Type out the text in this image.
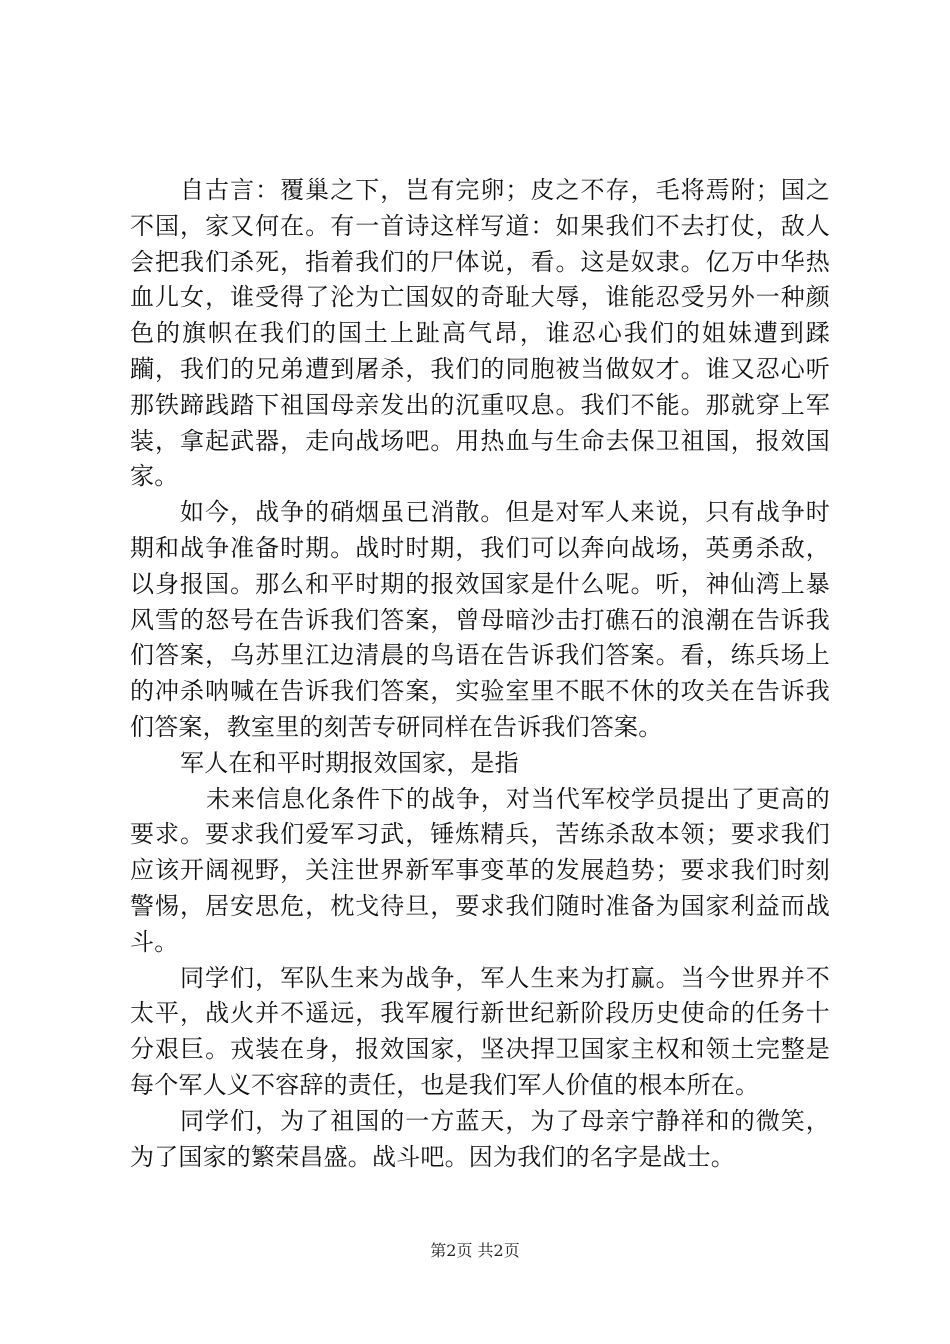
自古言：覆巢之下，岂有完卵；皮之不存，毛将焉附；国之不国，家又何在。有一首诗这样写道：如果我们不去打仗，敌人会把我们杀死，指着我们的尸体说，看。这是奴隶。亿万中华热血儿女，谁受得了沦为亡国奴的奇耻大辱，谁能忍受另外一种颜色的旗帜在我们的国土上趾高气昂，谁忍心我们的姐妹遭到蹂躏，我们的兄弟遭到屠杀，我们的同胞被当做奴才。谁又忍心听那铁蹄践踏下祖国母亲发出的沉重叹息。我们不能。那就穿上军装，拿起武器，走向战场吧。用热血与生命去保卫祖国，报效国家。

如今，战争的硝烟虽已消散。但是对军人来说，只有战争时期和战争准备时期。战时时期，我们可以奔向战场，英勇杀敌，以身报国。那么和平时期的报效国家是什么呢。听，神仙湾上暴风雪的怒号在告诉我们答案，曾母暗沙击打礁石的浪潮在告诉我们答案，乌苏里江边清晨的鸟语在告诉我们答案。看，练兵场上的冲杀呐喊在告诉我们答案，实验室里不眠不休的攻关在告诉我们答案，教室里的刻苦专研同样在告诉我们答案。

军人在和平时期报效国家，是指

未来信息化条件下的战争，对当代军校学员提出了更高的要求。要求我们爱军习武，锤炼精兵，苦练杀敌本领；要求我们应该开阔视野，关注世界新军事变革的发展趋势；要求我们时刻警惕，居安思危，枕戈待旦，要求我们随时准备为国家利益而战斗。

同学们，军队生来为战争，军人生来为打赢。当今世界并不太平，战火并不遥远，我军履行新世纪新阶段历史使命的任务十分艰巨。戎装在身，报效国家，坚决捍卫国家主权和领土完整是每个军人义不容辞的责任，也是我们军人价值的根本所在。

同学们，为了祖国的一方蓝天，为了母亲宁静祥和的微笑，为了国家的繁荣昌盛。战斗吧。因为我们的名字是战士。

第2页 共2页
